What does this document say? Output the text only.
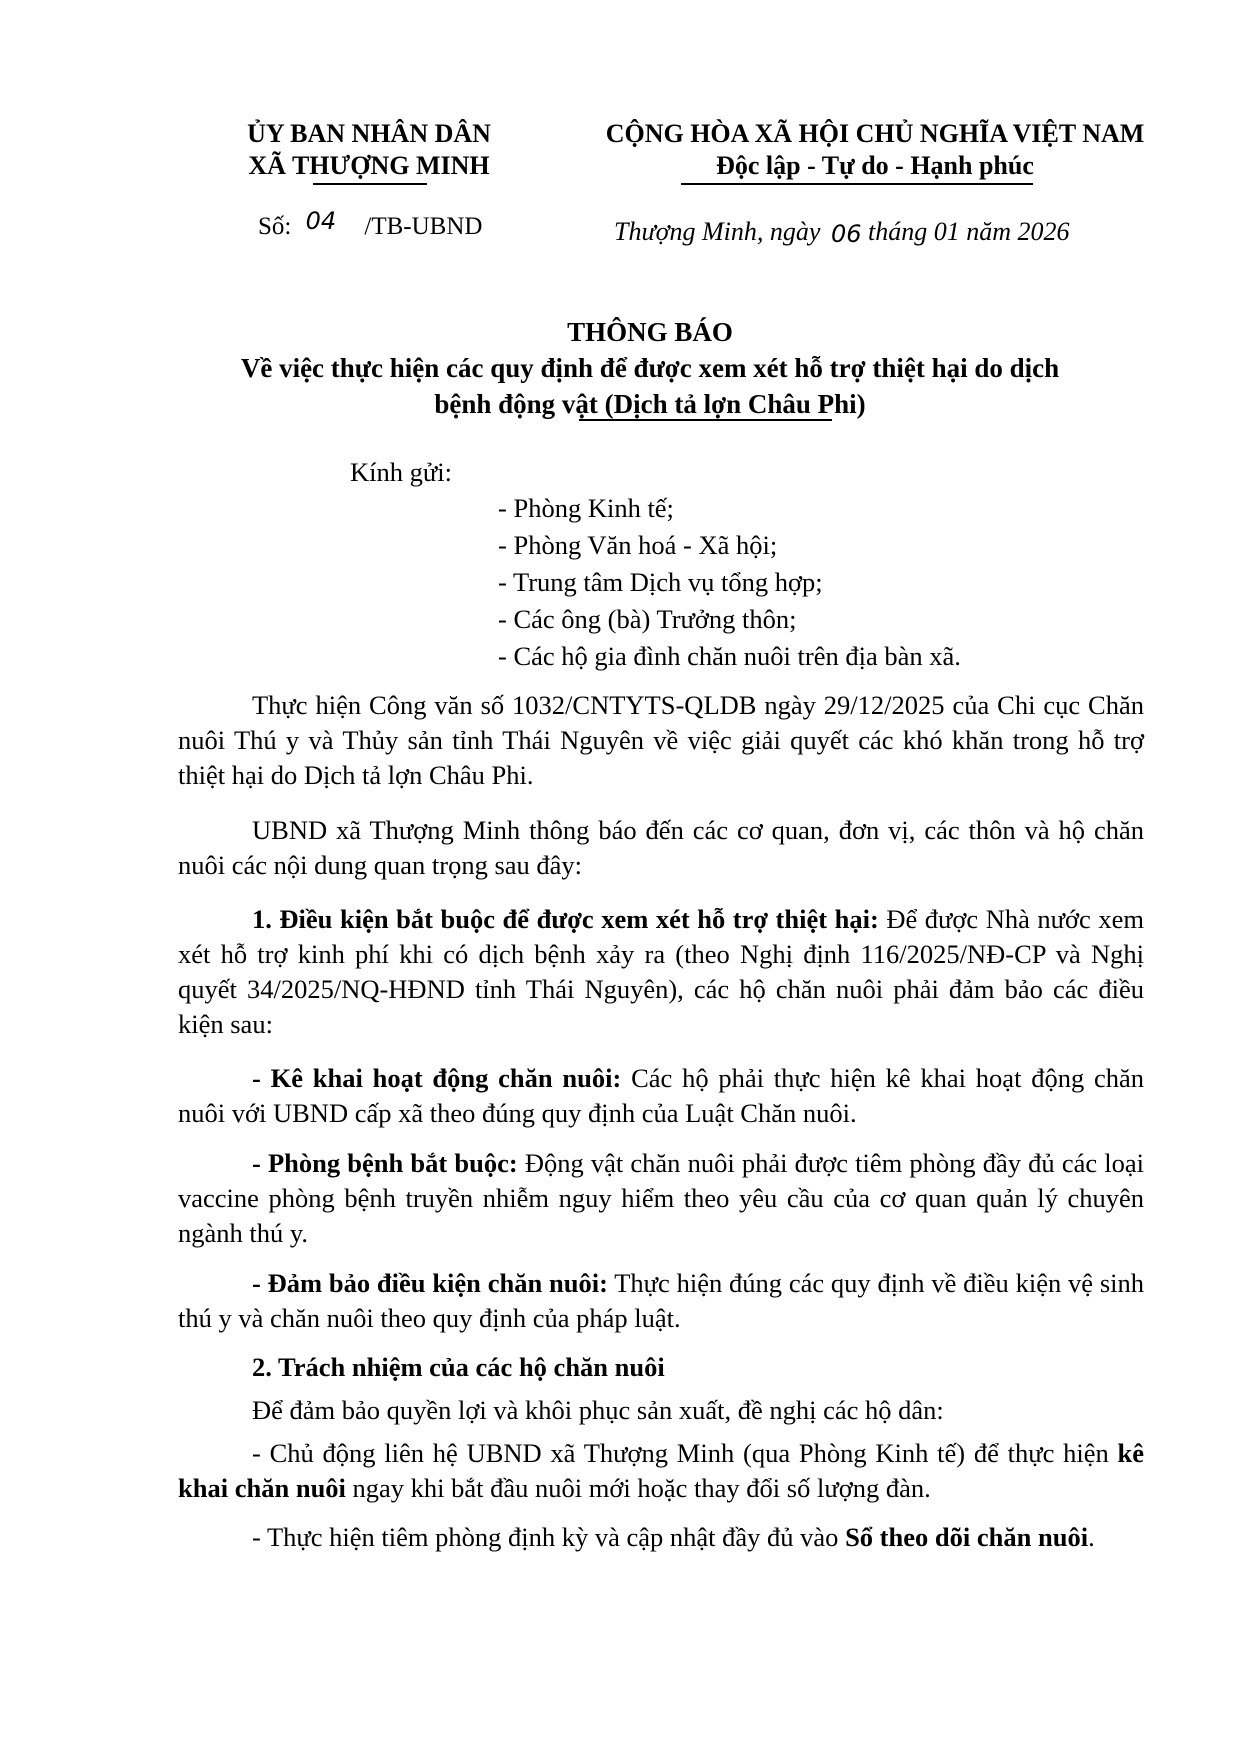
ỦY BAN NHÂN DÂN
XÃ THƯỢNG MINH
CỘNG HÒA XÃ HỘI CHỦ NGHĨA VIỆT NAM
Độc lập - Tự do - Hạnh phúc
Số: 04 /TB-UBND	Thượng Minh, ngày 06 tháng 01 năm 2026
THÔNG BÁO
Về việc thực hiện các quy định để được xem xét hỗ trợ thiệt hại do dịch
bệnh động vật (Dịch tả lợn Châu Phi)
Kính gửi:
- Phòng Kinh tế;
- Phòng Văn hoá - Xã hội;
- Trung tâm Dịch vụ tổng hợp;
- Các ông (bà) Trưởng thôn;
- Các hộ gia đình chăn nuôi trên địa bàn xã.
Thực hiện Công văn số 1032/CNTYTS-QLDB ngày 29/12/2025 của Chi cục Chăn nuôi Thú y và Thủy sản tỉnh Thái Nguyên về việc giải quyết các khó khăn trong hỗ trợ thiệt hại do Dịch tả lợn Châu Phi.
UBND xã Thượng Minh thông báo đến các cơ quan, đơn vị, các thôn và hộ chăn nuôi các nội dung quan trọng sau đây:
1. Điều kiện bắt buộc để được xem xét hỗ trợ thiệt hại: Để được Nhà nước xem xét hỗ trợ kinh phí khi có dịch bệnh xảy ra (theo Nghị định 116/2025/NĐ-CP và Nghị quyết 34/2025/NQ-HĐND tỉnh Thái Nguyên), các hộ chăn nuôi phải đảm bảo các điều kiện sau:
- Kê khai hoạt động chăn nuôi: Các hộ phải thực hiện kê khai hoạt động chăn nuôi với UBND cấp xã theo đúng quy định của Luật Chăn nuôi.
- Phòng bệnh bắt buộc: Động vật chăn nuôi phải được tiêm phòng đầy đủ các loại vaccine phòng bệnh truyền nhiễm nguy hiểm theo yêu cầu của cơ quan quản lý chuyên ngành thú y.
- Đảm bảo điều kiện chăn nuôi: Thực hiện đúng các quy định về điều kiện vệ sinh thú y và chăn nuôi theo quy định của pháp luật.
2. Trách nhiệm của các hộ chăn nuôi
Để đảm bảo quyền lợi và khôi phục sản xuất, đề nghị các hộ dân:
- Chủ động liên hệ UBND xã Thượng Minh (qua Phòng Kinh tế) để thực hiện kê khai chăn nuôi ngay khi bắt đầu nuôi mới hoặc thay đổi số lượng đàn.
- Thực hiện tiêm phòng định kỳ và cập nhật đầy đủ vào Sổ theo dõi chăn nuôi.
